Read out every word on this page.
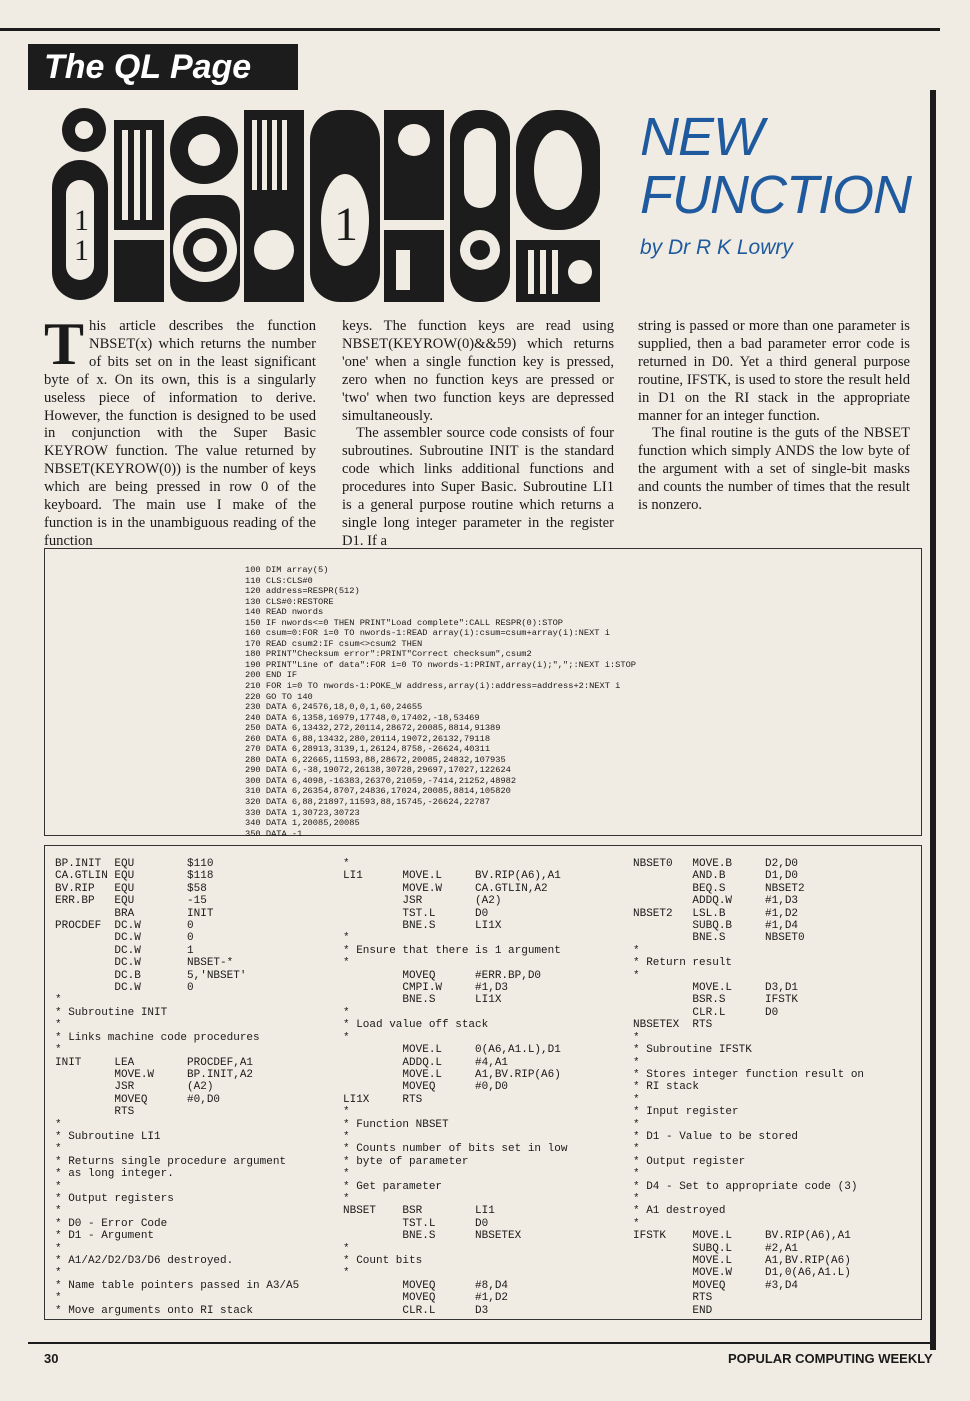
The QL Page
1
1	1
NEW
FUNCTION
by Dr R K Lowry

This article describes the function NBSET(x) which returns the number of bits set on in the least significant byte of x. On its own, this is a singularly useless piece of information to derive. However, the function is designed to be used in conjunction with the Super Basic KEYROW function. The value returned by NBSET(KEYROW(0)) is the number of keys which are being pressed in row 0 of the keyboard. The main use I make of the function is in the unambiguous reading of the function

keys. The function keys are read using NBSET(KEYROW(0)&&59) which returns 'one' when a single function key is pressed, zero when no function keys are pressed or 'two' when two function keys are depressed simultaneously.

The assembler source code consists of four subroutines. Subroutine INIT is the standard code which links additional functions and procedures into Super Basic. Subroutine LI1 is a general purpose routine which returns a single long integer parameter in the register D1. If a

string is passed or more than one parameter is supplied, then a bad parameter error code is returned in D0. Yet a third general purpose routine, IFSTK, is used to store the result held in D1 on the RI stack in the appropriate manner for an integer function.

The final routine is the guts of the NBSET function which simply ANDS the low byte of the argument with a set of single-bit masks and counts the number of times that the result is nonzero.

100 DIM array(5)
110 CLS:CLS#0
120 address=RESPR(512)
130 CLS#0:RESTORE
140 READ nwords
150 IF nwords<=0 THEN PRINT"Load complete":CALL RESPR(0):STOP
160 csum=0:FOR i=0 TO nwords-1:READ array(i):csum=csum+array(i):NEXT i
170 READ csum2:IF csum<>csum2 THEN
180 PRINT"Checksum error":PRINT"Correct checksum",csum2
190 PRINT"Line of data":FOR i=0 TO nwords-1:PRINT,array(i);",";:NEXT i:STOP
200 END IF
210 FOR i=0 TO nwords-1:POKE_W address,array(i):address=address+2:NEXT i
220 GO TO 140
230 DATA 6,24576,18,0,0,1,60,24655
240 DATA 6,1358,16979,17748,0,17402,-18,53469
250 DATA 6,13432,272,20114,28672,20085,8814,91389
260 DATA 6,88,13432,280,20114,19072,26132,79118
270 DATA 6,28913,3139,1,26124,8758,-26624,40311
280 DATA 6,22665,11593,88,28672,20085,24832,107935
290 DATA 6,-38,19072,26138,30728,29697,17027,122624
300 DATA 6,4098,-16383,26370,21059,-7414,21252,48982
310 DATA 6,26354,8707,24836,17024,20085,8814,105820
320 DATA 6,88,21897,11593,88,15745,-26624,22787
330 DATA 1,30723,30723
340 DATA 1,20085,20085
350 DATA -1
BP.INIT  EQU        $110
CA.GTLIN EQU        $118
BV.RIP   EQU        $58
ERR.BP   EQU        -15
BRA        INIT
PROCDEF  DC.W       0
DC.W       0
DC.W       1
DC.W       NBSET-*
DC.B       5,'NBSET'
DC.W       0
*
* Subroutine INIT
*
* Links machine code procedures
*
INIT     LEA        PROCDEF,A1
MOVE.W     BP.INIT,A2
JSR        (A2)
MOVEQ      #0,D0
RTS
*
* Subroutine LI1
*
* Returns single procedure argument
* as long integer.
*
* Output registers
*
* D0 - Error Code
* D1 - Argument
*
* A1/A2/D2/D3/D6 destroyed.
*
* Name table pointers passed in A3/A5
*
* Move arguments onto RI stack
*
LI1      MOVE.L     BV.RIP(A6),A1
MOVE.W     CA.GTLIN,A2
JSR        (A2)
TST.L      D0
BNE.S      LI1X
*
* Ensure that there is 1 argument
*
MOVEQ      #ERR.BP,D0
CMPI.W     #1,D3
BNE.S      LI1X
*
* Load value off stack
*
MOVE.L     0(A6,A1.L),D1
ADDQ.L     #4,A1
MOVE.L     A1,BV.RIP(A6)
MOVEQ      #0,D0
LI1X     RTS
*
* Function NBSET
*
* Counts number of bits set in low
* byte of parameter
*
* Get parameter
*
NBSET    BSR        LI1
TST.L      D0
BNE.S      NBSETEX
*
* Count bits
*
MOVEQ      #8,D4
MOVEQ      #1,D2
CLR.L      D3
NBSET0   MOVE.B     D2,D0
AND.B      D1,D0
BEQ.S      NBSET2
ADDQ.W     #1,D3
NBSET2   LSL.B      #1,D2
SUBQ.B     #1,D4
BNE.S      NBSET0
*
* Return result
*
MOVE.L     D3,D1
BSR.S      IFSTK
CLR.L      D0
NBSETEX  RTS
*
* Subroutine IFSTK
*
* Stores integer function result on
* RI stack
*
* Input register
*
* D1 - Value to be stored
*
* Output register
*
* D4 - Set to appropriate code (3)
*
* A1 destroyed
*
IFSTK    MOVE.L     BV.RIP(A6),A1
SUBQ.L     #2,A1
MOVE.L     A1,BV.RIP(A6)
MOVE.W     D1,0(A6,A1.L)
MOVEQ      #3,D4
RTS
END
30	POPULAR COMPUTING WEEKLY
